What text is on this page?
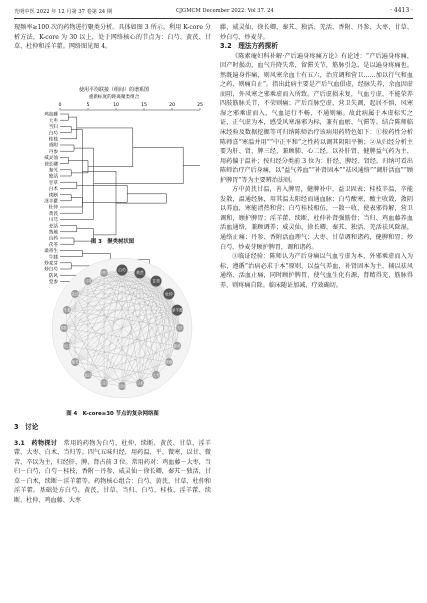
光明中医 2022 年 12 月第 37 卷第 24 期	CJGMCM December 2022. Vol 37. 24	· 4413 ·

现频率≥100 次的药物进行聚类分析。具体如图 3 所示。利用 K-core 分析方法，K-core 为 30 以上，处于网络核心的节点为：白芍、黄芪、甘草、杜仲和淫羊藿。网络图见图 4。

使用平均联接（组间）的谱系图
重新标度的距离聚类组合
0	5	10	15	20	25
鸡血藤
大枣
当归
白芍
桂枝
香附
丹参
威灵仙
徐长卿
秦艽
独活
甘草
白术
续断
淫羊藿
杜仲
黄芪
川芎
羌活
熟地
山药
茯苓
桑寄生
牛膝
炒麦芽
炒白芍
防风
党参
图 3　聚类树状图
白芍
黄芪
甘草
杜仲
淫羊藿
当归
桂枝
续断
大枣
白术
鸡血藤
威灵仙
独活
秦艽
徐长卿
香附
丹参
羌活
川芎
炒麦芽
图 4　K-core≥30 节点的复杂网络图

3　讨论

3.1　药物探讨　 常用的药物为白芍、杜仲、续断、黄芪、甘草、淫羊藿、大枣、白术、当归等。四气五味归经，用药温、平、微寒，以甘、微苦、辛以为主，归经肝、脾、肾占前 3 位。常用药对：鸡血藤－大枣，当归－白芍，白芍－桂枝，香附－丹参，威灵仙－徐长卿，秦艽－独活，甘草－白术，续断－淫羊藿等。药物核心组合：白芍、黄芪、甘草、杜仲和淫羊藿。基础处方白芍、黄芪、甘草、当归、白芍、桂枝、淫羊藿、续断、杜仲、鸡血藤、大枣

藤、威灵仙、徐长卿、秦艽、独活、羌活、香附、丹参、大枣、甘草、炒白芍、炒麦芽。

3.2　理法方药探析

《陈素庵妇科补解·产后遍身疼痛方论》有论述：“产后遍身疼痛，因产时损动，血气升降失常，留滞关节，筋脉引急，是以遍身疼痛也。然既遍身作痛，则风寒余血十有五六，治宜调和营卫……加以行气和血之药，则痛自止”。指出此病主要是产后气血俱虚，经脉失养，余血因虚而阻，外风寒之邪乘虚而入所致。产后虚损未复，气血亏虚，不能荣养四肢筋脉关节，不荣则痛；产后百脉空虚，营卫失调，起居不慎，风寒湿之邪乘虚而入，气血运行不畅，不通则痛。故此病属于本虚标实之证，正气虚为本，感受风寒湿邪为标，兼有血瘀、气滞等。结合陈师临床经验及数据挖掘等可归纳陈师治疗该病用药特色如下：①按药性分析陈师喜“寒温并用”“中正平和”之性药以调其阴阳平衡；②从归经分析主要为肝、肾、脾三经，兼顾肺、心二经，以补肝肾、健脾益气药为主，用药偏于温补；按归经分类前 3 位为：肝经、脾经、肾经。归纳可看出陈师治疗产后身痛，以“益气养血”“补肾固本”“祛风通络”“调肝活血”“顾护脾胃”等为主要辨治法则。

方中黄芪甘温，善入脾胃，健脾补中，益卫固表；桂枝辛温，辛能发散，温通经脉，用其温太阳经而通血脉；白芍酸寒，酸主收敛，敛阴以养血，寒能清热和营；白芍桂枝相伍，一散一收，使表邪得解，营卫调和，顾护脾胃；淫羊藿、续断、杜仲补肾强筋骨；当归、鸡血藤养血活血通络，兼顾调养；威灵仙、徐长卿、秦艽、独活、羌活祛风除湿，通络止痛；丹参、香附活血理气；大枣、甘草调和诸药，健脾和胃；炒白芍、炒麦芽顾护脾胃，调和诸药。

③临证经验：陈师认为产后身痛以气血亏虚为本，外邪乘虚而入为标，遵循“治病必求于本”原则，以益气养血、补肾固本为主，辅以祛风通络、活血止痛，同时顾护脾胃，使气血生化有源，肾精得充，筋脉得养，则疼痛自除。临床随证加减，疗效确切。
